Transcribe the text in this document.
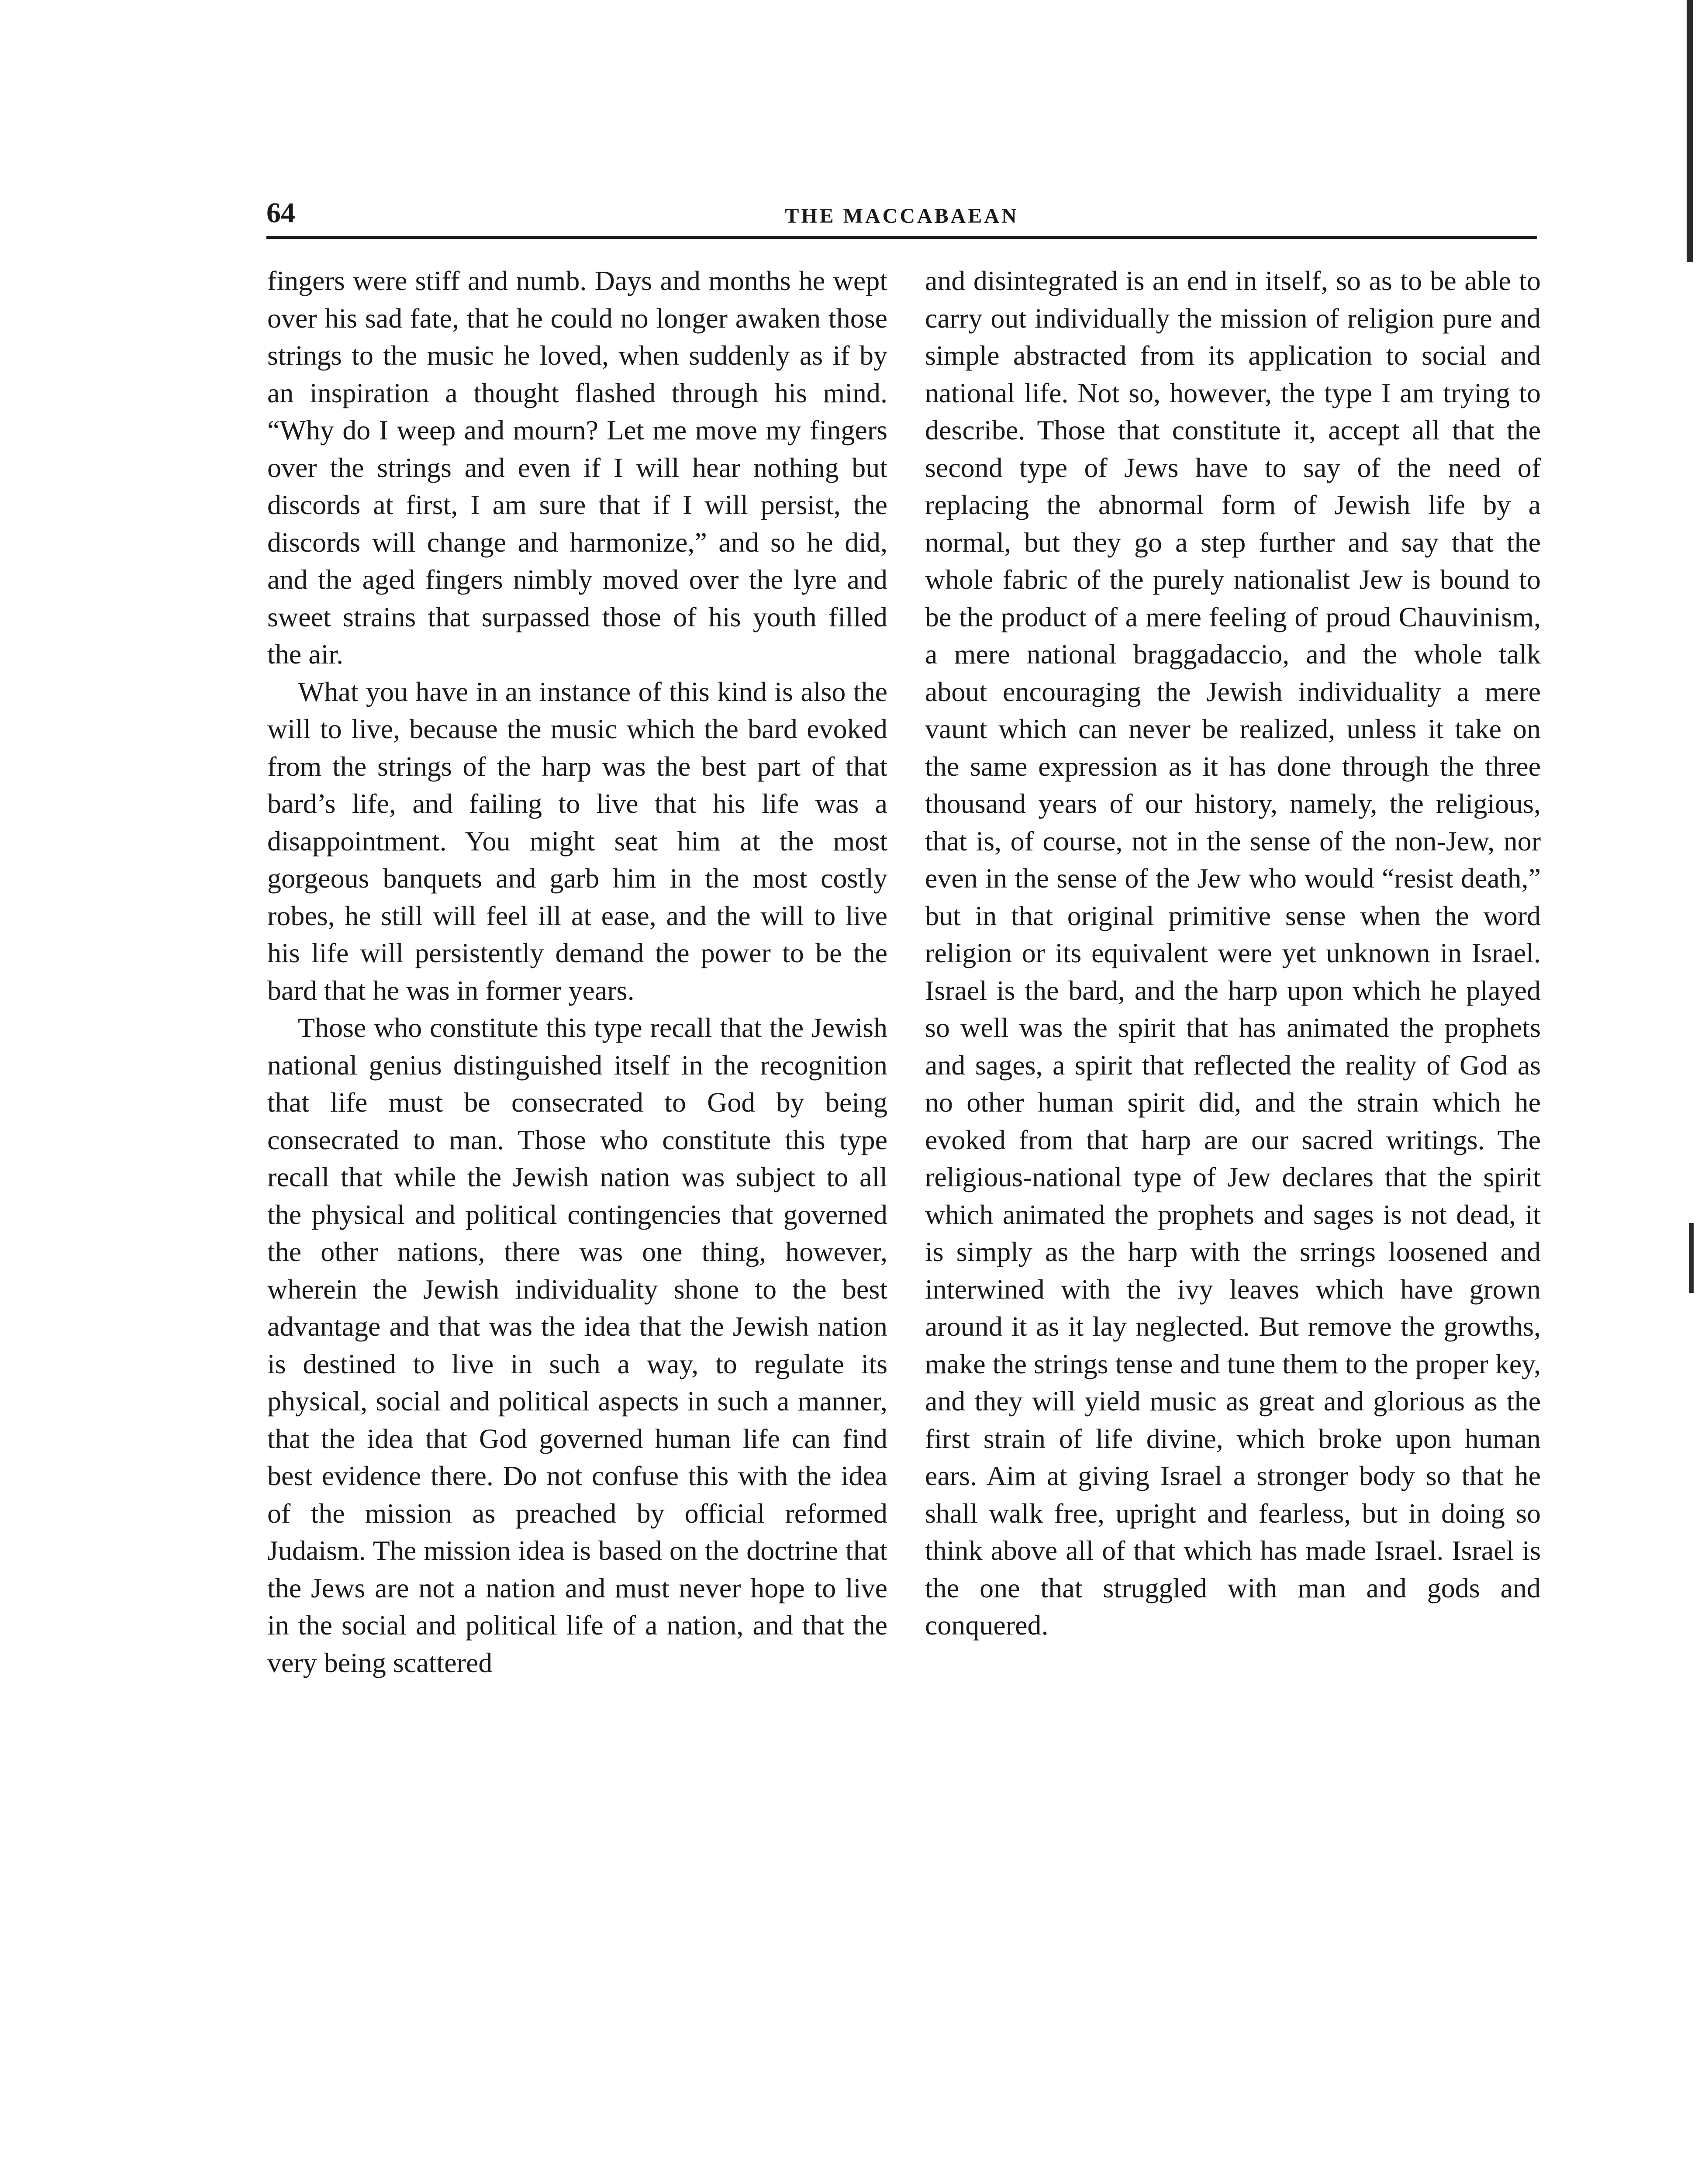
64	THE MACCABAEAN

fingers were stiff and numb. Days and months he wept over his sad fate, that he could no longer awaken those strings to the music he loved, when suddenly as if by an inspiration a thought flashed through his mind. “Why do I weep and mourn? Let me move my fingers over the strings and even if I will hear nothing but discords at first, I am sure that if I will persist, the discords will change and harmonize,” and so he did, and the aged fingers nimbly moved over the lyre and sweet strains that surpassed those of his youth filled the air.

What you have in an instance of this kind is also the will to live, because the music which the bard evoked from the strings of the harp was the best part of that bard’s life, and failing to live that his life was a disappointment. You might seat him at the most gorgeous banquets and garb him in the most costly robes, he still will feel ill at ease, and the will to live his life will persistently demand the power to be the bard that he was in former years.

Those who constitute this type recall that the Jewish national genius distinguished itself in the recognition that life must be consecrated to God by being consecrated to man. Those who constitute this type recall that while the Jewish nation was subject to all the physical and political contingencies that governed the other nations, there was one thing, however, wherein the Jewish individuality shone to the best advantage and that was the idea that the Jewish nation is destined to live in such a way, to regulate its physical, social and political aspects in such a manner, that the idea that God governed human life can find best evidence there. Do not confuse this with the idea of the mission as preached by official reformed Judaism. The mission idea is based on the doctrine that the Jews are not a nation and must never hope to live in the social and political life of a nation, and that the very being scattered

and disintegrated is an end in itself, so as to be able to carry out individually the mission of religion pure and simple abstracted from its application to social and national life. Not so, however, the type I am trying to describe. Those that constitute it, accept all that the second type of Jews have to say of the need of replacing the abnormal form of Jewish life by a normal, but they go a step further and say that the whole fabric of the purely nationalist Jew is bound to be the product of a mere feeling of proud Chauvinism, a mere national braggadaccio, and the whole talk about encouraging the Jewish individuality a mere vaunt which can never be realized, unless it take on the same expression as it has done through the three thousand years of our history, namely, the religious, that is, of course, not in the sense of the non-Jew, nor even in the sense of the Jew who would “resist death,” but in that original primitive sense when the word religion or its equivalent were yet unknown in Israel. Israel is the bard, and the harp upon which he played so well was the spirit that has animated the prophets and sages, a spirit that reflected the reality of God as no other human spirit did, and the strain which he evoked from that harp are our sacred writings. The religious-national type of Jew declares that the spirit which animated the prophets and sages is not dead, it is simply as the harp with the srrings loosened and interwined with the ivy leaves which have grown around it as it lay neglected. But remove the growths, make the strings tense and tune them to the proper key, and they will yield music as great and glorious as the first strain of life divine, which broke upon human ears. Aim at giving Israel a stronger body so that he shall walk free, upright and fearless, but in doing so think above all of that which has made Israel. Israel is the one that struggled with man and gods and conquered.
